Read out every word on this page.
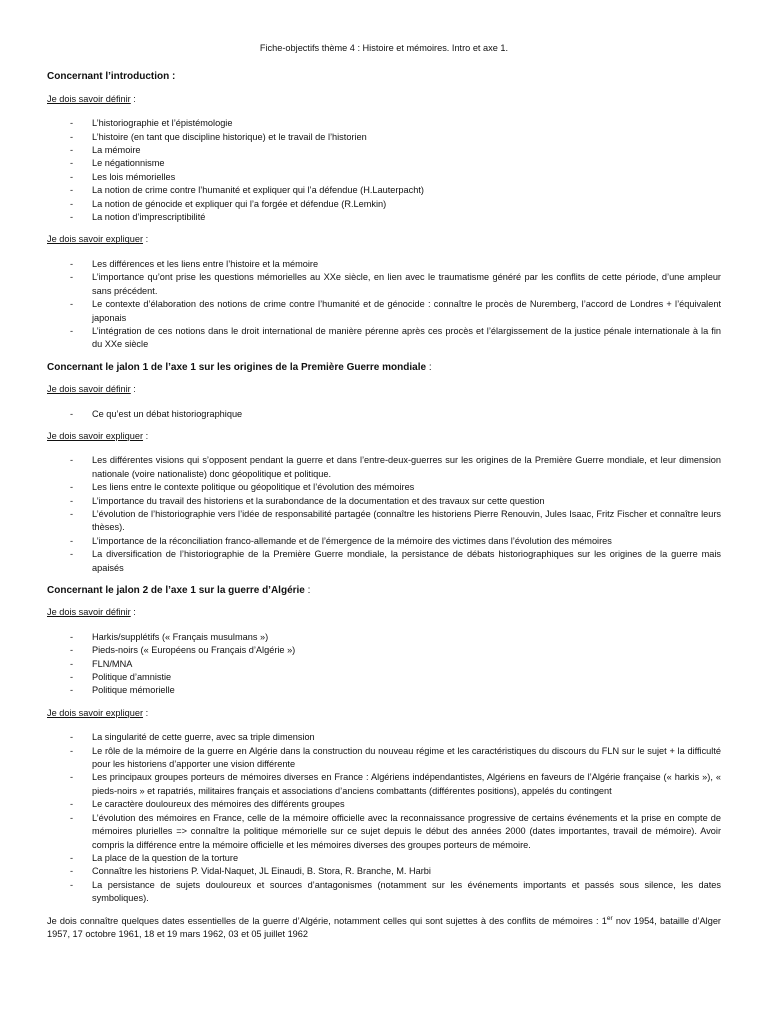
Fiche-objectifs thème 4 : Histoire et mémoires. Intro et axe 1.
Concernant l’introduction :
Je dois savoir définir :
- L’historiographie et l’épistémologie
- L’histoire (en tant que discipline historique) et le travail de l’historien
- La mémoire
- Le négationnisme
- Les lois mémorielles
- La notion de crime contre l’humanité et expliquer qui l’a défendue (H.Lauterpacht)
- La notion de génocide et expliquer qui l’a forgée et défendue (R.Lemkin)
- La notion d’imprescriptibilité
Je dois savoir expliquer :
- Les différences et les liens entre l’histoire et la mémoire
- L’importance qu’ont prise les questions mémorielles au XXe siècle, en lien avec le traumatisme généré par les conflits de cette période, d’une ampleur sans précédent.
- Le contexte d’élaboration des notions de crime contre l’humanité et de génocide : connaître le procès de Nuremberg, l’accord de Londres + l’équivalent japonais
- L’intégration de ces notions dans le droit international de manière pérenne après ces procès et l’élargissement de la justice pénale internationale à la fin du XXe siècle
Concernant le jalon 1 de l’axe 1 sur les origines de la Première Guerre mondiale :
Je dois savoir définir :
- Ce qu’est un débat historiographique
Je dois savoir expliquer :
- Les différentes visions qui s’opposent pendant la guerre et dans l’entre-deux-guerres sur les origines de la Première Guerre mondiale, et leur dimension nationale (voire nationaliste) donc géopolitique et politique.
- Les liens entre le contexte politique ou géopolitique et l’évolution des mémoires
- L’importance du travail des historiens et la surabondance de la documentation et des travaux sur cette question
- L’évolution de l’historiographie vers l’idée de responsabilité partagée (connaître les historiens Pierre Renouvin, Jules Isaac, Fritz Fischer et connaître leurs thèses).
- L’importance de la réconciliation franco-allemande et de l’émergence de la mémoire des victimes dans l’évolution des mémoires
- La diversification de l’historiographie de la Première Guerre mondiale, la persistance de débats historiographiques sur les origines de la guerre mais apaisés
Concernant le jalon 2 de l’axe 1 sur la guerre d’Algérie :
Je dois savoir définir :
- Harkis/supplétifs (« Français musulmans »)
- Pieds-noirs (« Européens ou Français d’Algérie »)
- FLN/MNA
- Politique d’amnistie
- Politique mémorielle
Je dois savoir expliquer :
- La singularité de cette guerre, avec sa triple dimension
- Le rôle de la mémoire de la guerre en Algérie dans la construction du nouveau régime et les caractéristiques du discours du FLN sur le sujet + la difficulté pour les historiens d’apporter une vision différente
- Les principaux groupes porteurs de mémoires diverses en France : Algériens indépendantistes, Algériens en faveurs de l’Algérie française (« harkis »), « pieds-noirs » et rapatriés, militaires français et associations d’anciens combattants (différentes positions), appelés du contingent
- Le caractère douloureux des mémoires des différents groupes
- L’évolution des mémoires en France, celle de la mémoire officielle avec la reconnaissance progressive de certains événements et la prise en compte de mémoires plurielles => connaître la politique mémorielle sur ce sujet depuis le début des années 2000 (dates importantes, travail de mémoire). Avoir compris la différence entre la mémoire officielle et les mémoires diverses des groupes porteurs de mémoire.
- La place de la question de la torture
- Connaître les historiens P. Vidal-Naquet, JL Einaudi, B. Stora, R. Branche, M. Harbi
- La persistance de sujets douloureux et sources d’antagonismes (notamment sur les événements importants et passés sous silence, les dates symboliques).

Je dois connaître quelques dates essentielles de la guerre d’Algérie, notamment celles qui sont sujettes à des conflits de mémoires : 1er nov 1954, bataille d’Alger 1957, 17 octobre 1961, 18 et 19 mars 1962, 03 et 05 juillet 1962
